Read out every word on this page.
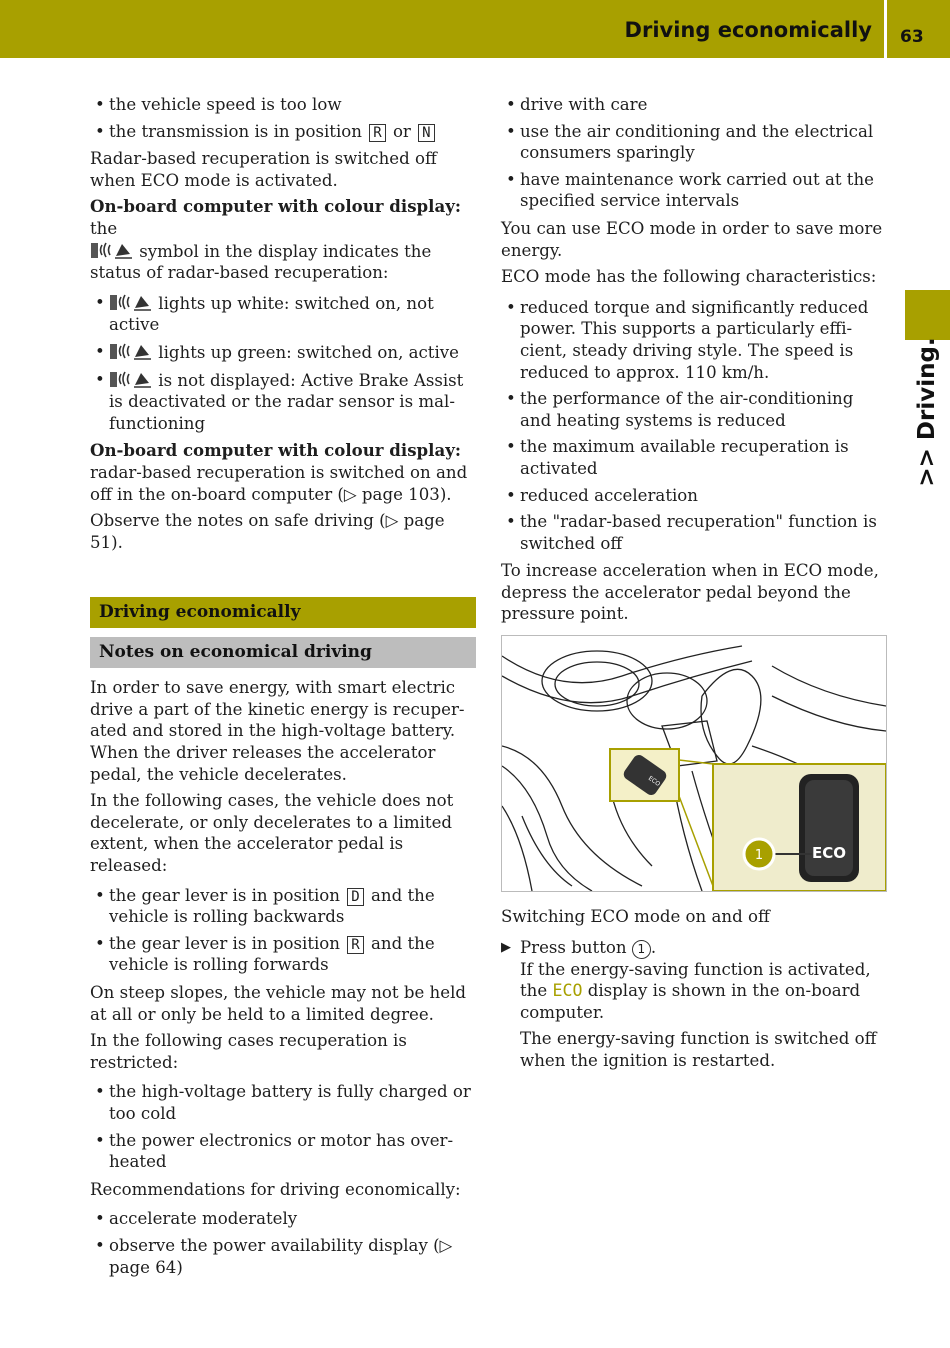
Driving economically 63
>> Driving.
• the vehicle speed is too low
• the transmission is in position R or N

Radar-based recuperation is switched off when ECO mode is activated.

On-board computer with colour display: the
symbol in the display indicates the status of radar-based recuperation:

• lights up white: switched on, not active
• lights up green: switched on, active
• is not displayed: Active Brake Assist is deactivated or the radar sensor is mal-functioning

On-board computer with colour display:
radar-based recuperation is switched on and off in the on-board computer (▷ page 103).

Observe the notes on safe driving (▷ page 51).

Driving economically
Notes on economical driving

In order to save energy, with smart electric drive a part of the kinetic energy is recuper-ated and stored in the high-voltage battery. When the driver releases the accelerator pedal, the vehicle decelerates.

In the following cases, the vehicle does not decelerate, or only decelerates to a limited extent, when the accelerator pedal is released:

• the gear lever is in position D and the vehicle is rolling backwards
• the gear lever is in position R and the vehicle is rolling forwards

On steep slopes, the vehicle may not be held at all or only be held to a limited degree.

In the following cases recuperation is restricted:

• the high-voltage battery is fully charged or too cold
• the power electronics or motor has over-heated

Recommendations for driving economically:

• accelerate moderately
• observe the power availability display (▷ page 64)
• drive with care
• use the air conditioning and the electrical consumers sparingly
• have maintenance work carried out at the specified service intervals

You can use ECO mode in order to save more energy.

ECO mode has the following characteristics:

• reduced torque and significantly reduced power. This supports a particularly effi-cient, steady driving style. The speed is reduced to approx. 110 km/h.
• the performance of the air-conditioning and heating systems is reduced
• the maximum available recuperation is activated
• reduced acceleration
• the "radar-based recuperation" function is switched off

To increase acceleration when in ECO mode, depress the accelerator pedal beyond the pressure point.

ECO
ECO
1

Switching ECO mode on and off

▶ Press button 1 .
If the energy-saving function is activated, the ECO display is shown in the on-board computer.

The energy-saving function is switched off when the ignition is restarted.
